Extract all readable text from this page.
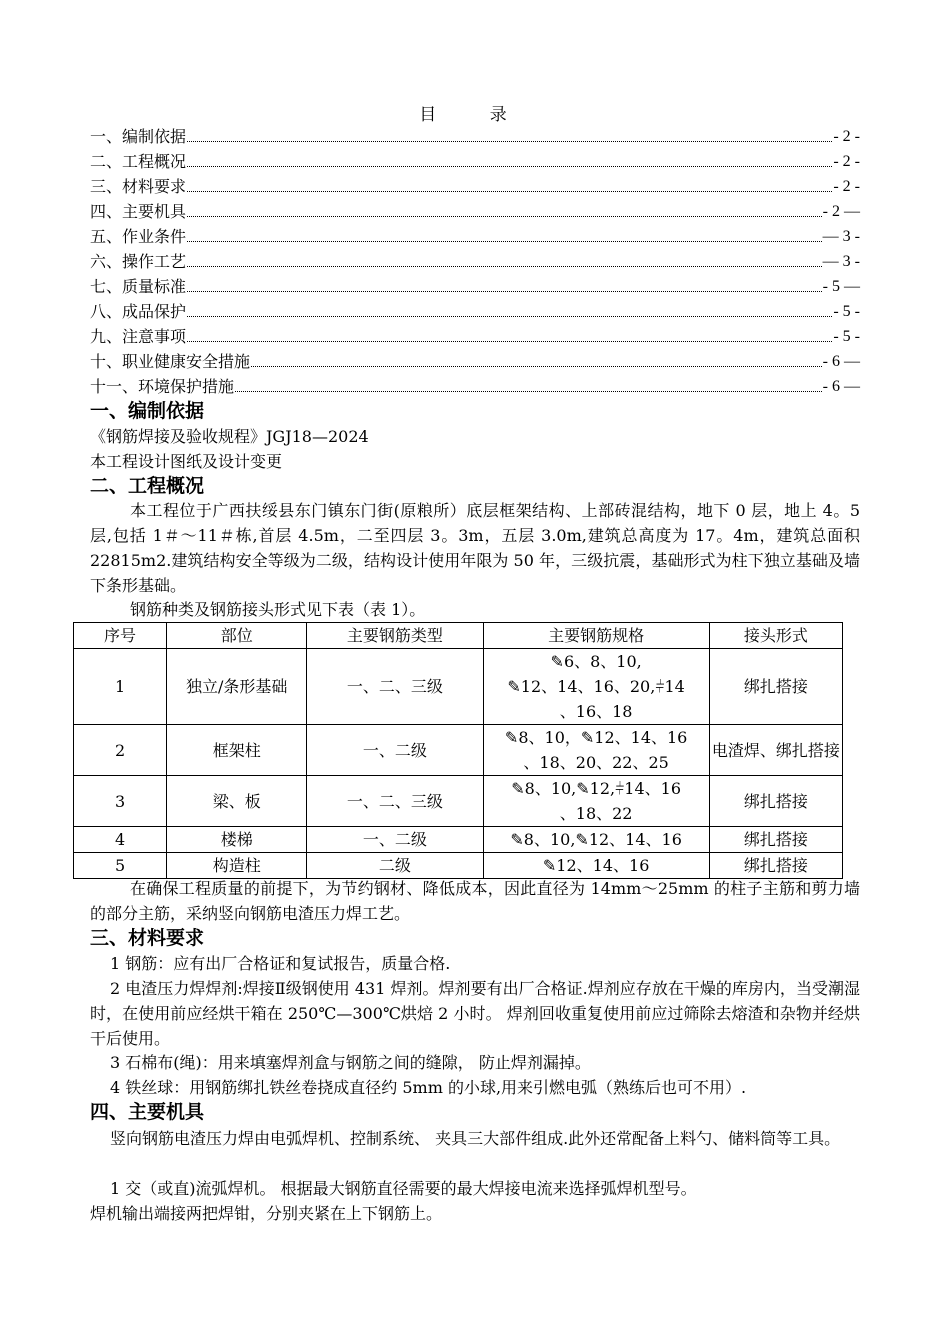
目 录
一、编制依据	- 2 -
二、工程概况	- 2 -
三、材料要求	- 2 -
四、主要机具	- 2 —
五、作业条件	— 3 -
六、操作工艺	— 3 -
七、质量标准	- 5 —
八、成品保护	- 5 -
九、注意事项	- 5 -
十、职业健康安全措施	- 6 —
十一、环境保护措施	- 6 —
一、编制依据
《钢筋焊接及验收规程》JGJ18—2024
本工程设计图纸及设计变更
二、工程概况
本工程位于广西扶绥县东门镇东门街(原粮所）底层框架结构、上部砖混结构，地下 0 层，地上 4。5 层,包括 1＃～11＃栋,首层 4.5m，二至四层 3。3m，五层 3.0m,建筑总高度为 17。4m，建筑总面积 22815m2.建筑结构安全等级为二级，结构设计使用年限为 50 年，三级抗震，基础形式为柱下独立基础及墙下条形基础。
钢筋种类及钢筋接头形式见下表（表 1）。
序号	部位	主要钢筋类型	主要钢筋规格	接头形式
1	独立/条形基础	一、二、三级	✎6、8、10,
✎12、14、16、20,⫩14
、16、18	绑扎搭接
2	框架柱	一、二级	✎8、10，✎12、14、16
、18、20、22、25	电渣焊、绑扎搭接
3	梁、板	一、二、三级	✎8、10,✎12,⫩14、16
、18、22	绑扎搭接
4	楼梯	一、二级	✎8、10,✎12、14、16	绑扎搭接
5	构造柱	二级	✎12、14、16	绑扎搭接
在确保工程质量的前提下，为节约钢材、降低成本，因此直径为 14mm～25mm 的柱子主筋和剪力墙的部分主筋，采纳竖向钢筋电渣压力焊工艺。
三、材料要求
1 钢筋：应有出厂合格证和复试报告，质量合格.
2 电渣压力焊焊剂:焊接Ⅱ级钢使用 431 焊剂。焊剂要有出厂合格证.焊剂应存放在干燥的库房内，当受潮湿时，在使用前应经烘干箱在 250℃—300℃烘焙 2 小时。 焊剂回收重复使用前应过筛除去熔渣和杂物并经烘干后使用。
3 石棉布(绳)：用来填塞焊剂盒与钢筋之间的缝隙， 防止焊剂漏掉。
4 铁丝球：用钢筋绑扎铁丝卷挠成直径约 5mm 的小球,用来引燃电弧（熟练后也可不用）.
四、主要机具
竖向钢筋电渣压力焊由电弧焊机、控制系统、 夹具三大部件组成.此外还常配备上料勺、储料筒等工具。
1 交（或直)流弧焊机。 根据最大钢筋直径需要的最大焊接电流来选择弧焊机型号。
焊机输出端接两把焊钳，分别夹紧在上下钢筋上。
